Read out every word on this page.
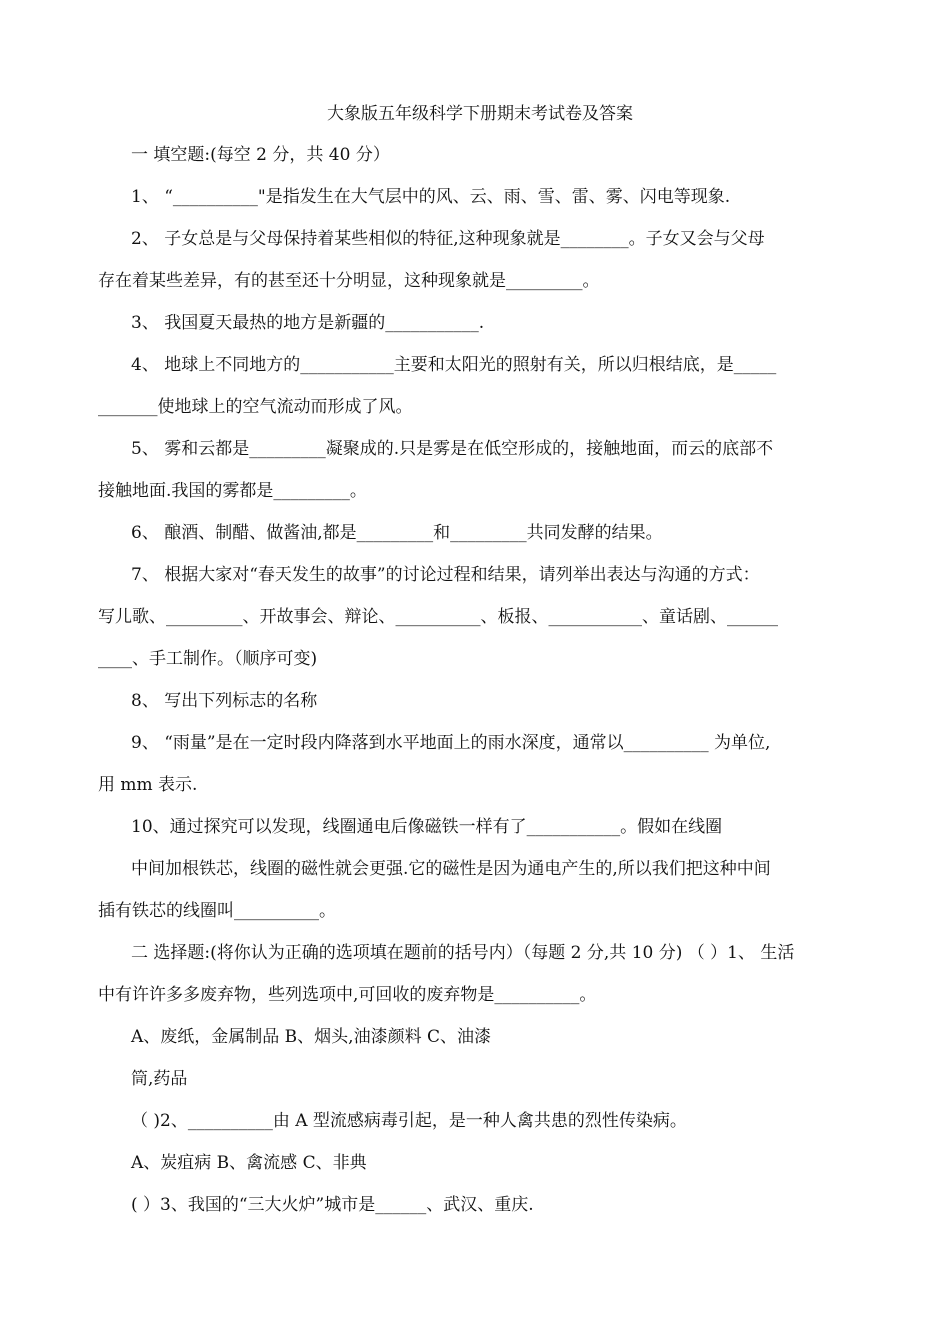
大象版五年级科学下册期末考试卷及答案

一 填空题:(每空 2 分，共 40 分）

1、 “__________"是指发生在大气层中的风、云、雨、雪、雷、雾、闪电等现象.

2、 子女总是与父母保持着某些相似的特征,这种现象就是________。子女又会与父母

存在着某些差异，有的甚至还十分明显，这种现象就是_________。

3、 我国夏天最热的地方是新疆的___________.

4、 地球上不同地方的___________主要和太阳光的照射有关，所以归根结底，是_____

_______使地球上的空气流动而形成了风。

5、 雾和云都是_________凝聚成的.只是雾是在低空形成的，接触地面，而云的底部不

接触地面.我国的雾都是_________。

6、 酿酒、制醋、做酱油,都是_________和_________共同发酵的结果。

7、 根据大家对“春天发生的故事”的讨论过程和结果，请列举出表达与沟通的方式：

写儿歌、_________、开故事会、辩论、__________、板报、___________、童话剧、______

____、手工制作。（顺序可变)

8、 写出下列标志的名称

9、 “雨量”是在一定时段内降落到水平地面上的雨水深度，通常以__________ 为单位,

用 mm 表示.

10、通过探究可以发现，线圈通电后像磁铁一样有了___________。假如在线圈

中间加根铁芯，线圈的磁性就会更强.它的磁性是因为通电产生的,所以我们把这种中间

插有铁芯的线圈叫__________。

二 选择题:(将你认为正确的选项填在题前的括号内）（每题 2 分,共 10 分) （ ）1、 生活

中有许许多多废弃物，些列选项中,可回收的废弃物是__________。

A、废纸，金属制品 B、烟头,油漆颜料 C、油漆

筒,药品

（ )2、__________由 A 型流感病毒引起，是一种人禽共患的烈性传染病。

A、炭疽病 B、禽流感 C、非典

( ）3、我国的“三大火炉”城市是______、武汉、重庆.
